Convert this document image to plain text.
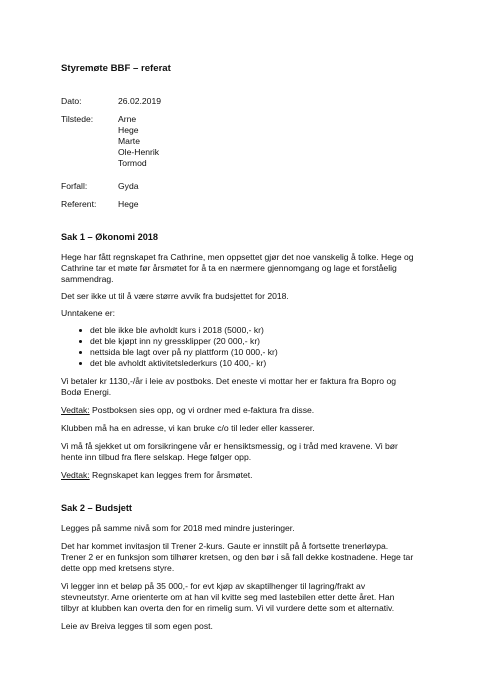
Styremøte BBF – referat
Dato:	26.02.2019
Tilstede:	Arne
Hege
Marte
Ole-Henrik
Tormod
Forfall:	Gyda
Referent:	Hege
Sak 1 – Økonomi 2018
Hege har fått regnskapet fra Cathrine, men oppsettet gjør det noe vanskelig å tolke. Hege og
Cathrine tar et møte før årsmøtet for å ta en nærmere gjennomgang og lage et forståelig
sammendrag.
Det ser ikke ut til å være større avvik fra budsjettet for 2018.
Unntakene er:
det ble ikke ble avholdt kurs i 2018 (5000,- kr)
det ble kjøpt inn ny gressklipper (20 000,- kr)
nettsida ble lagt over på ny plattform (10 000,- kr)
det ble avholdt aktivitetslederkurs (10 400,- kr)
Vi betaler kr 1130,-/år i leie av postboks. Det eneste vi mottar her er faktura fra Bopro og
Bodø Energi.
Vedtak: Postboksen sies opp, og vi ordner med e-faktura fra disse.
Klubben må ha en adresse, vi kan bruke c/o til leder eller kasserer.
Vi må få sjekket ut om forsikringene vår er hensiktsmessig, og i tråd med kravene. Vi bør
hente inn tilbud fra flere selskap. Hege følger opp.
Vedtak: Regnskapet kan legges frem for årsmøtet.
Sak 2 – Budsjett
Legges på samme nivå som for 2018 med mindre justeringer.
Det har kommet invitasjon til Trener 2-kurs. Gaute er innstilt på å fortsette trenerløypa.
Trener 2 er en funksjon som tilhører kretsen, og den bør i så fall dekke kostnadene. Hege tar
dette opp med kretsens styre.
Vi legger inn et beløp på 35 000,- for evt kjøp av skaptilhenger til lagring/frakt av
stevneutstyr. Arne orienterte om at han vil kvitte seg med lastebilen etter dette året. Han
tilbyr at klubben kan overta den for en rimelig sum. Vi vil vurdere dette som et alternativ.
Leie av Breiva legges til som egen post.
